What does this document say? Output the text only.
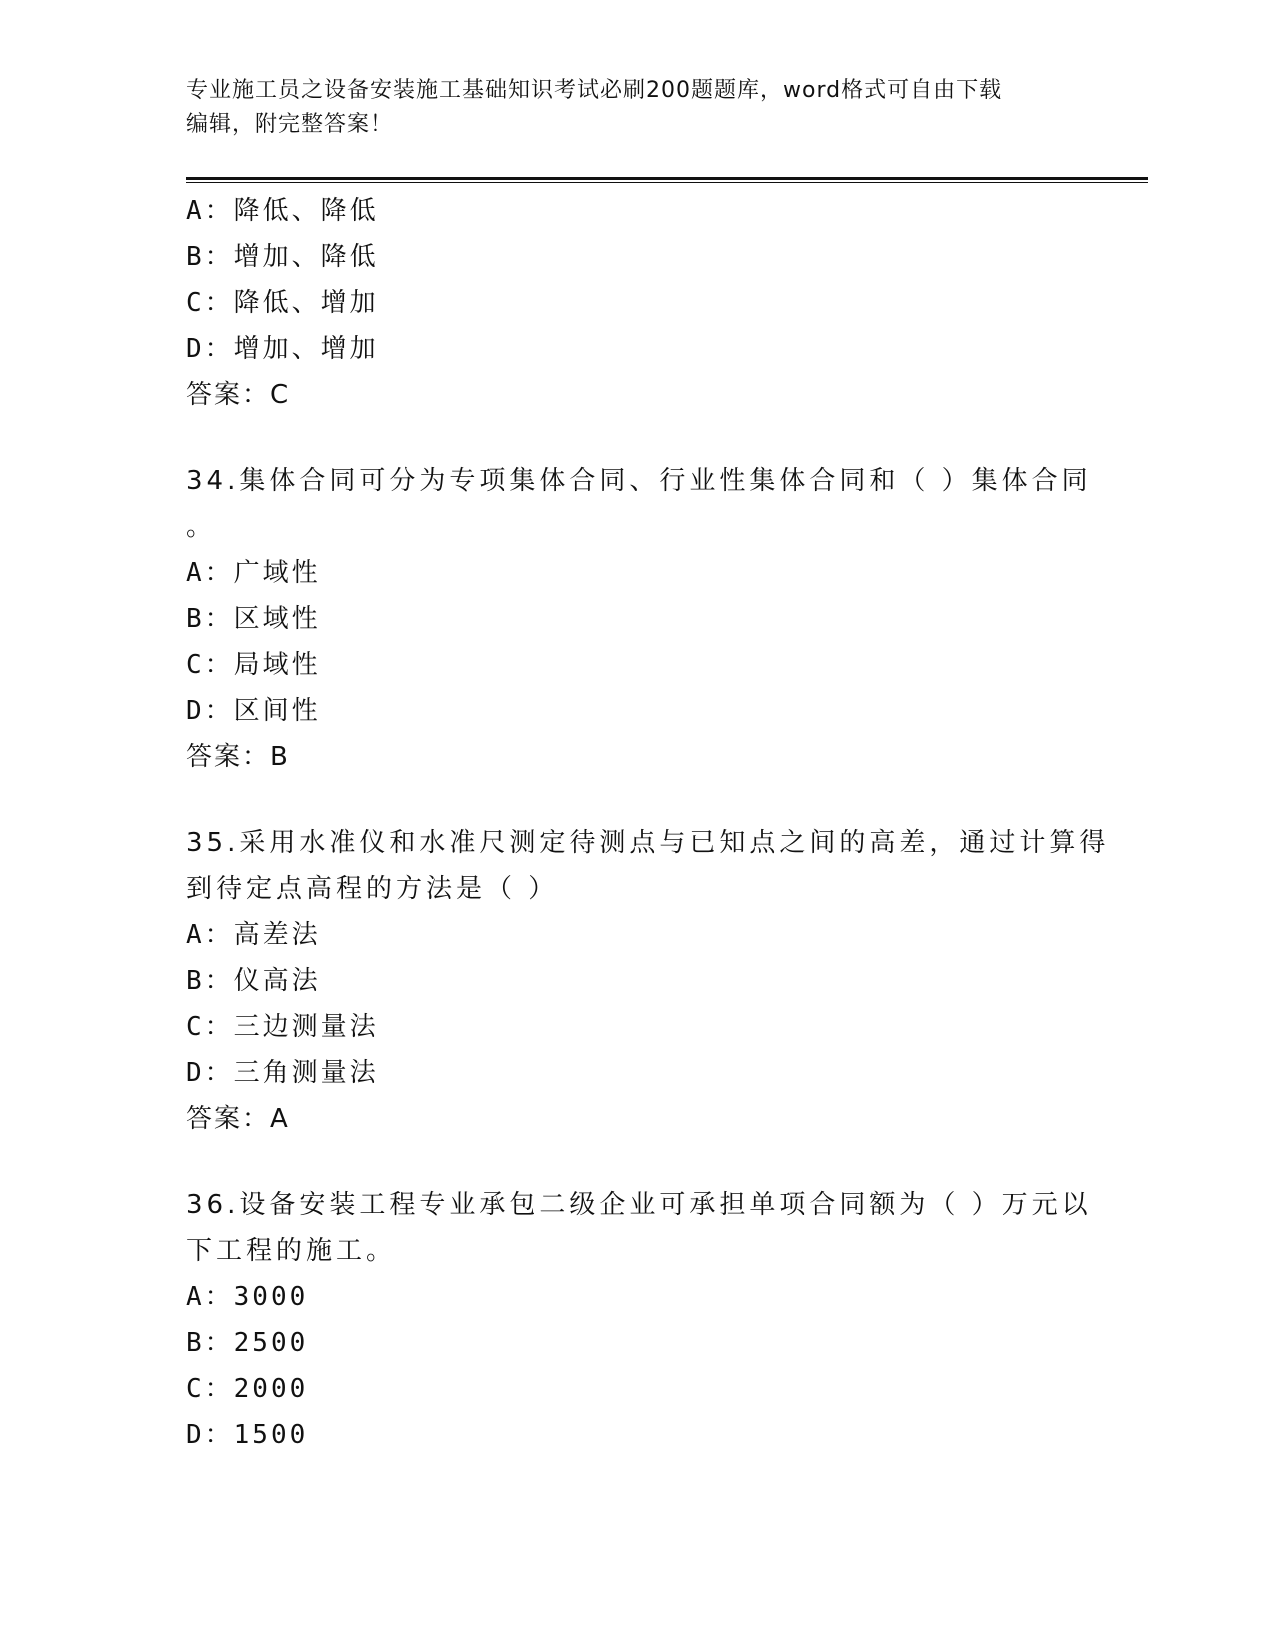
专业施工员之设备安装施工基础知识考试必刷200题题库，word格式可自由下载
编辑，附完整答案！
A：降低、降低
B：增加、降低
C：降低、增加
D：增加、增加
答案：C
34.集体合同可分为专项集体合同、行业性集体合同和（ ）集体合同
。
A：广域性
B：区域性
C：局域性
D：区间性
答案：B
35.采用水准仪和水准尺测定待测点与已知点之间的高差，通过计算得
到待定点高程的方法是（ ）
A：高差法
B：仪高法
C：三边测量法
D：三角测量法
答案：A
36.设备安装工程专业承包二级企业可承担单项合同额为（ ）万元以
下工程的施工。
A：3000
B：2500
C：2000
D：1500
